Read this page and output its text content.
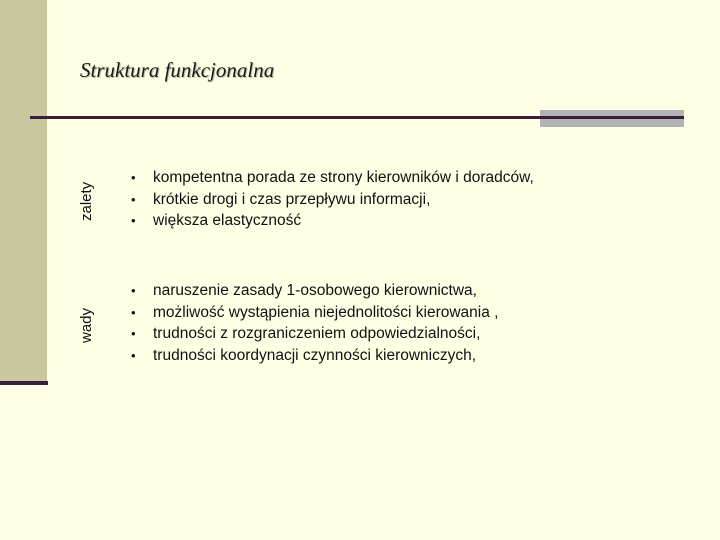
Struktura funkcjonalna
zalety
• kompetentna porada ze strony kierowników i doradców,
• krótkie drogi i czas przepływu informacji,
• większa elastyczność
wady
• naruszenie zasady 1-osobowego kierownictwa,
• możliwość wystąpienia niejednolitości kierowania ,
• trudności z rozgraniczeniem odpowiedzialności,
• trudności koordynacji czynności kierowniczych,
